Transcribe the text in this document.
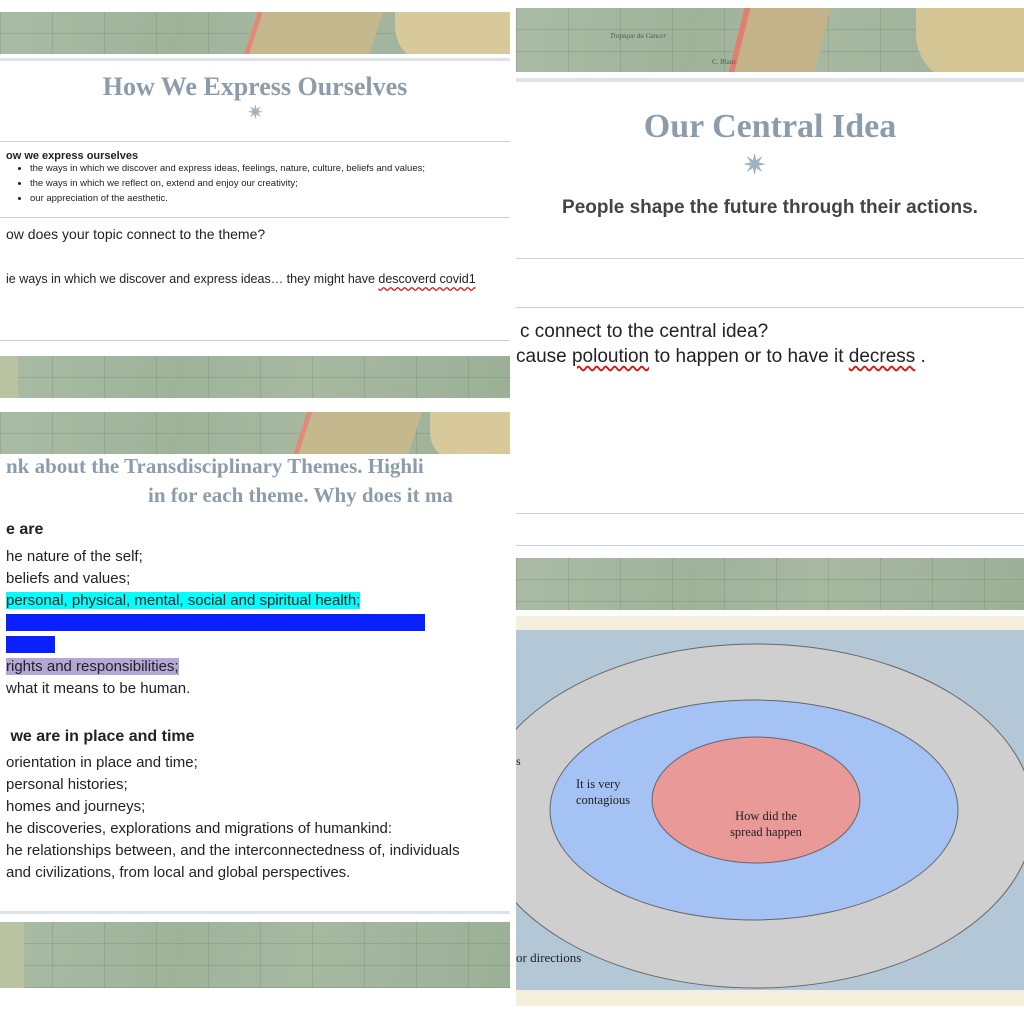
How We Express Ourselves
✷
ow we express ourselves
• the ways in which we discover and express ideas, feelings, nature, culture, beliefs and values;
• the ways in which we reflect on, extend and enjoy our creativity;
• our appreciation of the aesthetic.
ow does your topic connect to the theme?
ie ways in which we discover and express ideas… they might have descoverd covid1
Tropique du Cancer
C. Blanc
Our Central Idea
✷
People shape the future through their actions.
c connect to the central idea?
cause poloution to happen or to have it decress .
nk about the Transdisciplinary Themes. Highli
in for each theme. Why does it ma
e are
he nature of the self;
beliefs and values;
personal, physical, mental, social and spiritual health;
uman relationships including families, friends, communities and
ultures;
rights and responsibilities;
what it means to be human.
we are in place and time
orientation in place and time;
personal histories;
homes and journeys;
he discoveries, explorations and migrations of humankind:
he relationships between, and the interconnectedness of, individuals
and civilizations, from local and global perspectives.
s
It is very
contagious
How did the
spread happen
or directions
